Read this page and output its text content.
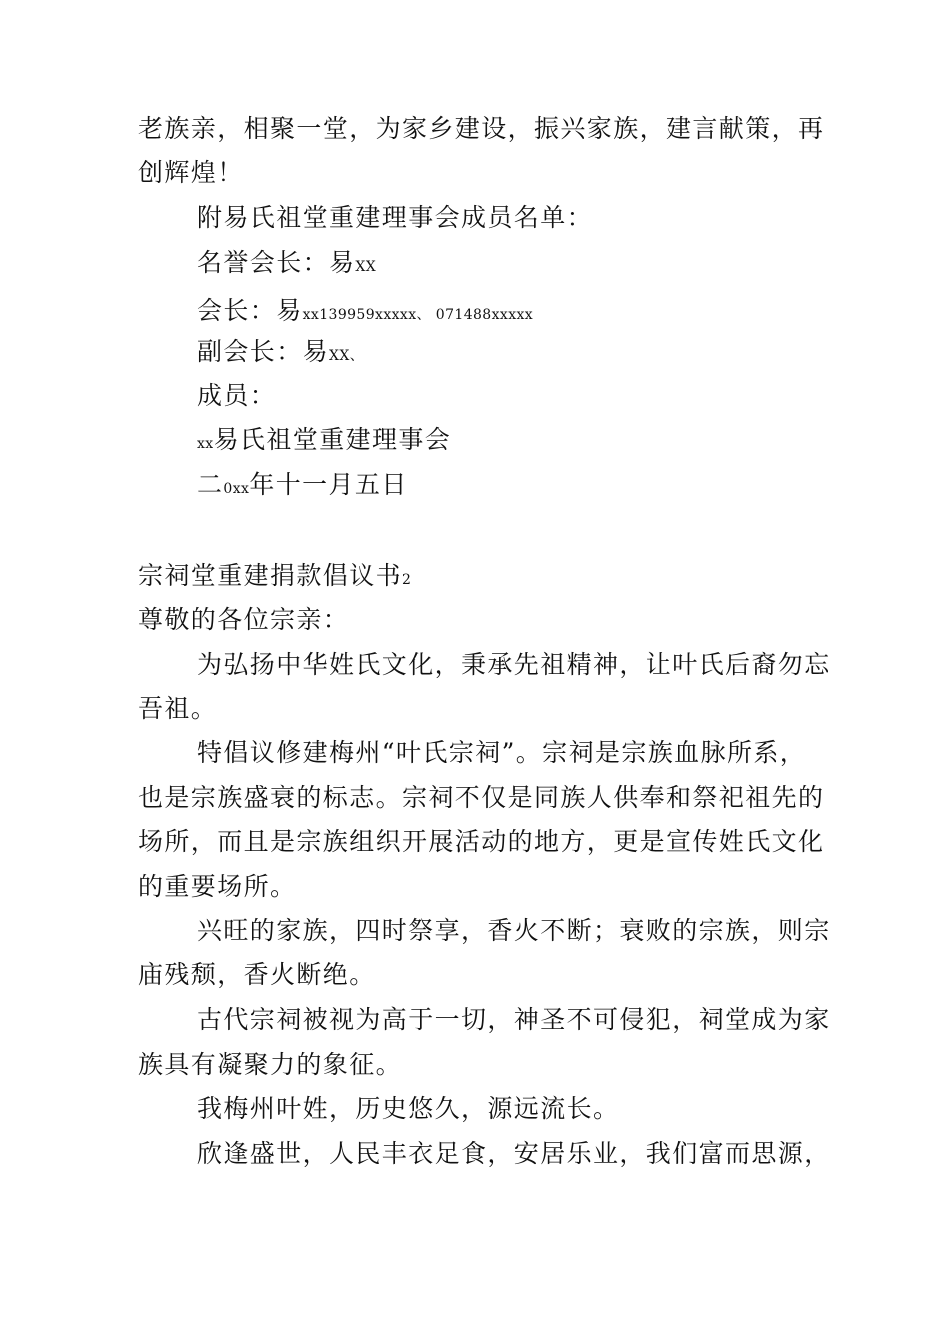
老族亲，相聚一堂，为家乡建设，振兴家族，建言献策，再
创辉煌！
附易氏祖堂重建理事会成员名单：
名誉会长：易XX
会长：易xx139959xxxxx、 071488xxxxx
副会长：易XX、
成员：
xx易氏祖堂重建理事会
二0xx年十一月五日
宗祠堂重建捐款倡议书2
尊敬的各位宗亲：
为弘扬中华姓氏文化，秉承先祖精神，让叶氏后裔勿忘
吾祖。
特倡议修建梅州“叶氏宗祠”。宗祠是宗族血脉所系，
也是宗族盛衰的标志。宗祠不仅是同族人供奉和祭祀祖先的
场所，而且是宗族组织开展活动的地方，更是宣传姓氏文化
的重要场所。
兴旺的家族，四时祭享，香火不断；衰败的宗族，则宗
庙残颓，香火断绝。
古代宗祠被视为高于一切，神圣不可侵犯，祠堂成为家
族具有凝聚力的象征。
我梅州叶姓，历史悠久，源远流长。
欣逢盛世，人民丰衣足食，安居乐业，我们富而思源，
